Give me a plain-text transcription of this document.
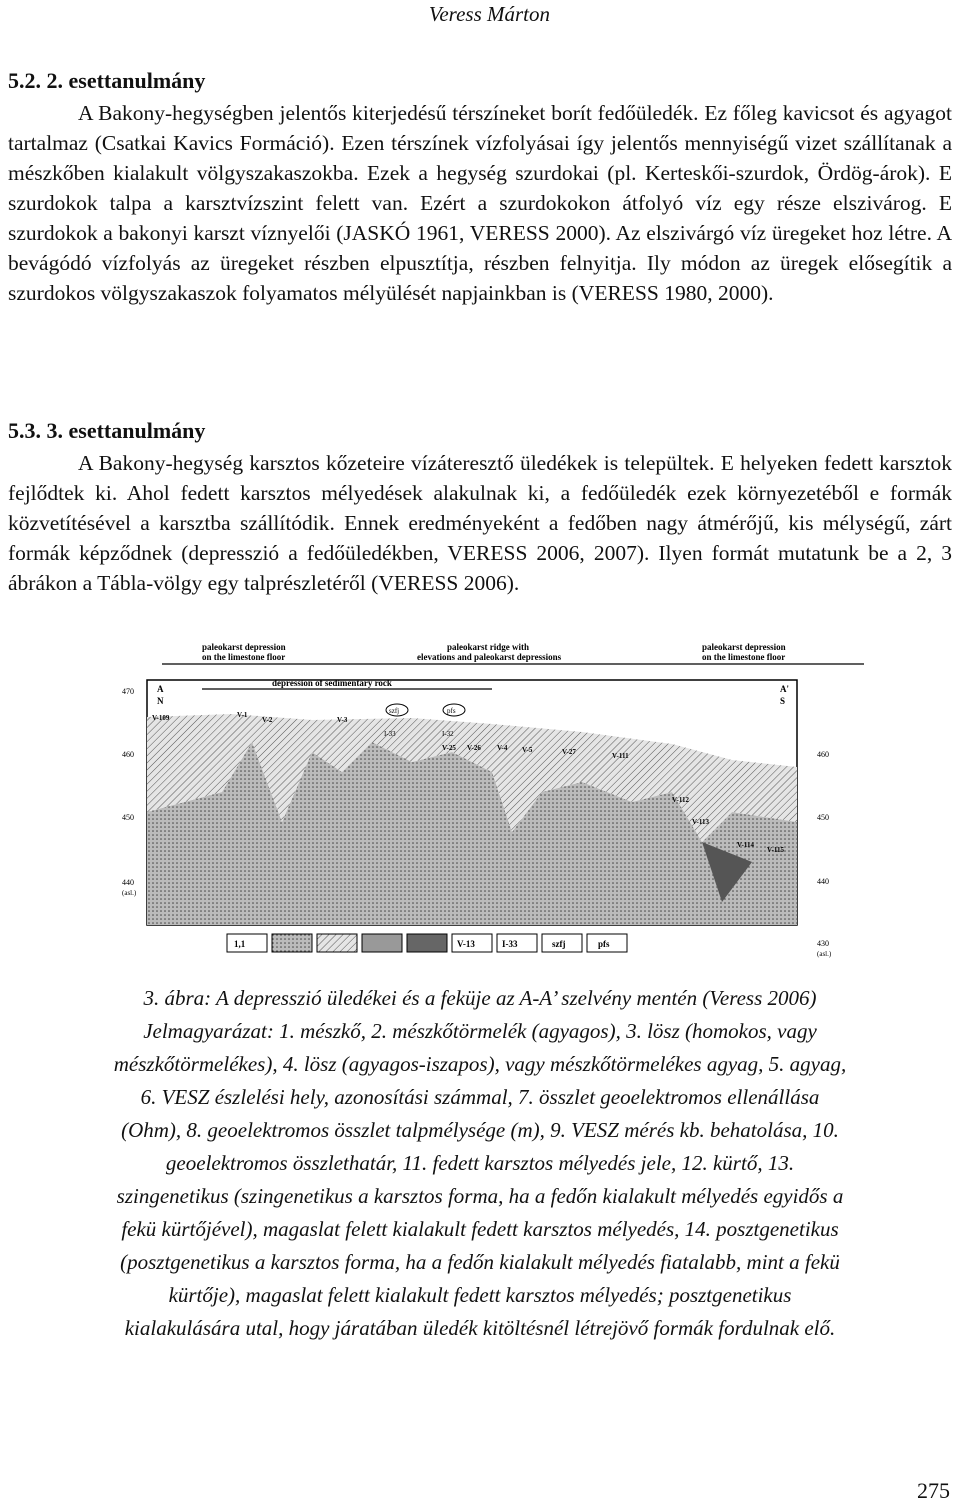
Veress Márton
5.2. 2. esettanulmány
A Bakony-hegységben jelentős kiterjedésű térszíneket borít fedőüledék. Ez főleg kavicsot és agyagot tartalmaz (Csatkai Kavics Formáció). Ezen térszínek vízfolyásai így jelentős mennyiségű vizet szállítanak a mészkőben kialakult völgyszakaszokba. Ezek a hegység szurdokai (pl. Kerteskői-szurdok, Ördög-árok). E szurdokok talpa a karsztvízszint felett van. Ezért a szurdokokon átfolyó víz egy része elszivárog. E szurdokok a bakonyi karszt víznyelői (JASKÓ 1961, VERESS 2000). Az elszivárgó víz üregeket hoz létre. A bevágódó vízfolyás az üregeket részben elpusztítja, részben felnyitja. Ily módon az üregek elősegítik a szurdokos völgyszakaszok folyamatos mélyülését napjainkban is (VERESS 1980, 2000).
5.3. 3. esettanulmány
A Bakony-hegység karsztos kőzeteire vízáteresztő üledékek is települtek. E helyeken fedett karsztok fejlődtek ki. Ahol fedett karsztos mélyedések alakulnak ki, a fedőüledék ezek környezetéből e formák közvetítésével a karsztba szállítódik. Ennek eredményeként a fedőben nagy átmérőjű, kis mélységű, zárt formák képződnek (depresszió a fedőüledékben, VERESS 2006, 2007). Ilyen formát mutatunk be a 2, 3 ábrákon a Tábla-völgy egy talprészletéről (VERESS 2006).
paleokarst depression
on the limestone floor
paleokarst ridge with
elevations and paleokarst depressions
paleokarst depression
on the limestone floor
depression of sedimentary rock
A
N
A'
S
470
460
450
440
(asl.)
460
450
440
430
(asl.)
V-109	V-1
V-2	V-3
V-4 V-5
V-25 V-26	V-27	V-111
V-112
V-113
V-114
V-115
szfj	pfs
I-33	I-32
1,1	V-13	I-33	szfj	pfs
3. ábra: A depresszió üledékei és a feküje az A-A’ szelvény mentén (Veress 2006)
Jelmagyarázat: 1. mészkő, 2. mészkőtörmelék (agyagos), 3. lösz (homokos, vagy
mészkőtörmelékes), 4. lösz (agyagos-iszapos), vagy mészkőtörmelékes agyag, 5. agyag,
6. VESZ észlelési hely, azonosítási számmal, 7. összlet geoelektromos ellenállása
(Ohm), 8. geoelektromos összlet talpmélysége (m), 9. VESZ mérés kb. behatolása, 10.
geoelektromos összlethatár, 11. fedett karsztos mélyedés jele, 12. kürtő, 13.
szingenetikus (szingenetikus a karsztos forma, ha a fedőn kialakult mélyedés egyidős a
fekü kürtőjével), magaslat felett kialakult fedett karsztos mélyedés, 14. posztgenetikus
(posztgenetikus a karsztos forma, ha a fedőn kialakult mélyedés fiatalabb, mint a fekü
kürtője), magaslat felett kialakult fedett karsztos mélyedés; posztgenetikus
kialakulására utal, hogy járatában üledék kitöltésnél létrejövő formák fordulnak elő.
275
